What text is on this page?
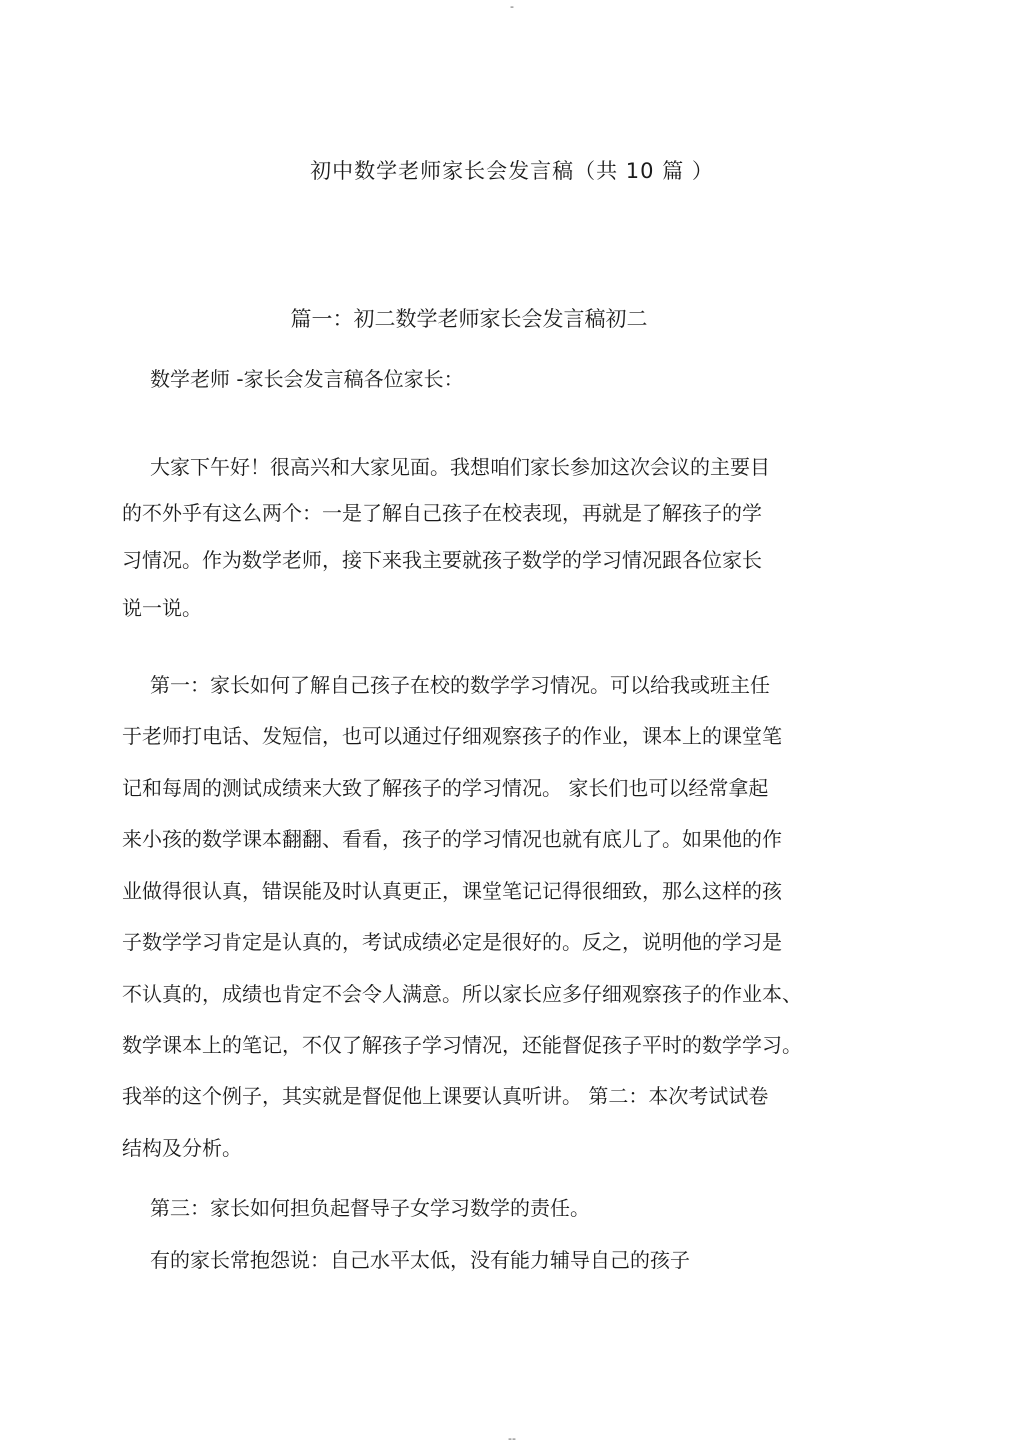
-
初中数学老师家长会发言稿（共 10 篇 ）
篇一：初二数学老师家长会发言稿初二
数学老师 -家长会发言稿各位家长：
大家下午好！很高兴和大家见面。我想咱们家长参加这次会议的主要目
的不外乎有这么两个：一是了解自己孩子在校表现，再就是了解孩子的学
习情况。作为数学老师，接下来我主要就孩子数学的学习情况跟各位家长
说一说。
第一：家长如何了解自己孩子在校的数学学习情况。可以给我或班主任
于老师打电话、发短信，也可以通过仔细观察孩子的作业，课本上的课堂笔
记和每周的测试成绩来大致了解孩子的学习情况。 家长们也可以经常拿起
来小孩的数学课本翻翻、看看，孩子的学习情况也就有底儿了。如果他的作
业做得很认真，错误能及时认真更正，课堂笔记记得很细致，那么这样的孩
子数学学习肯定是认真的，考试成绩必定是很好的。反之，说明他的学习是
不认真的，成绩也肯定不会令人满意。所以家长应多仔细观察孩子的作业本、
数学课本上的笔记，不仅了解孩子学习情况，还能督促孩子平时的数学学习。
我举的这个例子，其实就是督促他上课要认真听讲。 第二：本次考试试卷
结构及分析。
第三：家长如何担负起督导子女学习数学的责任。
有的家长常抱怨说：自己水平太低，没有能力辅导自己的孩子
--
